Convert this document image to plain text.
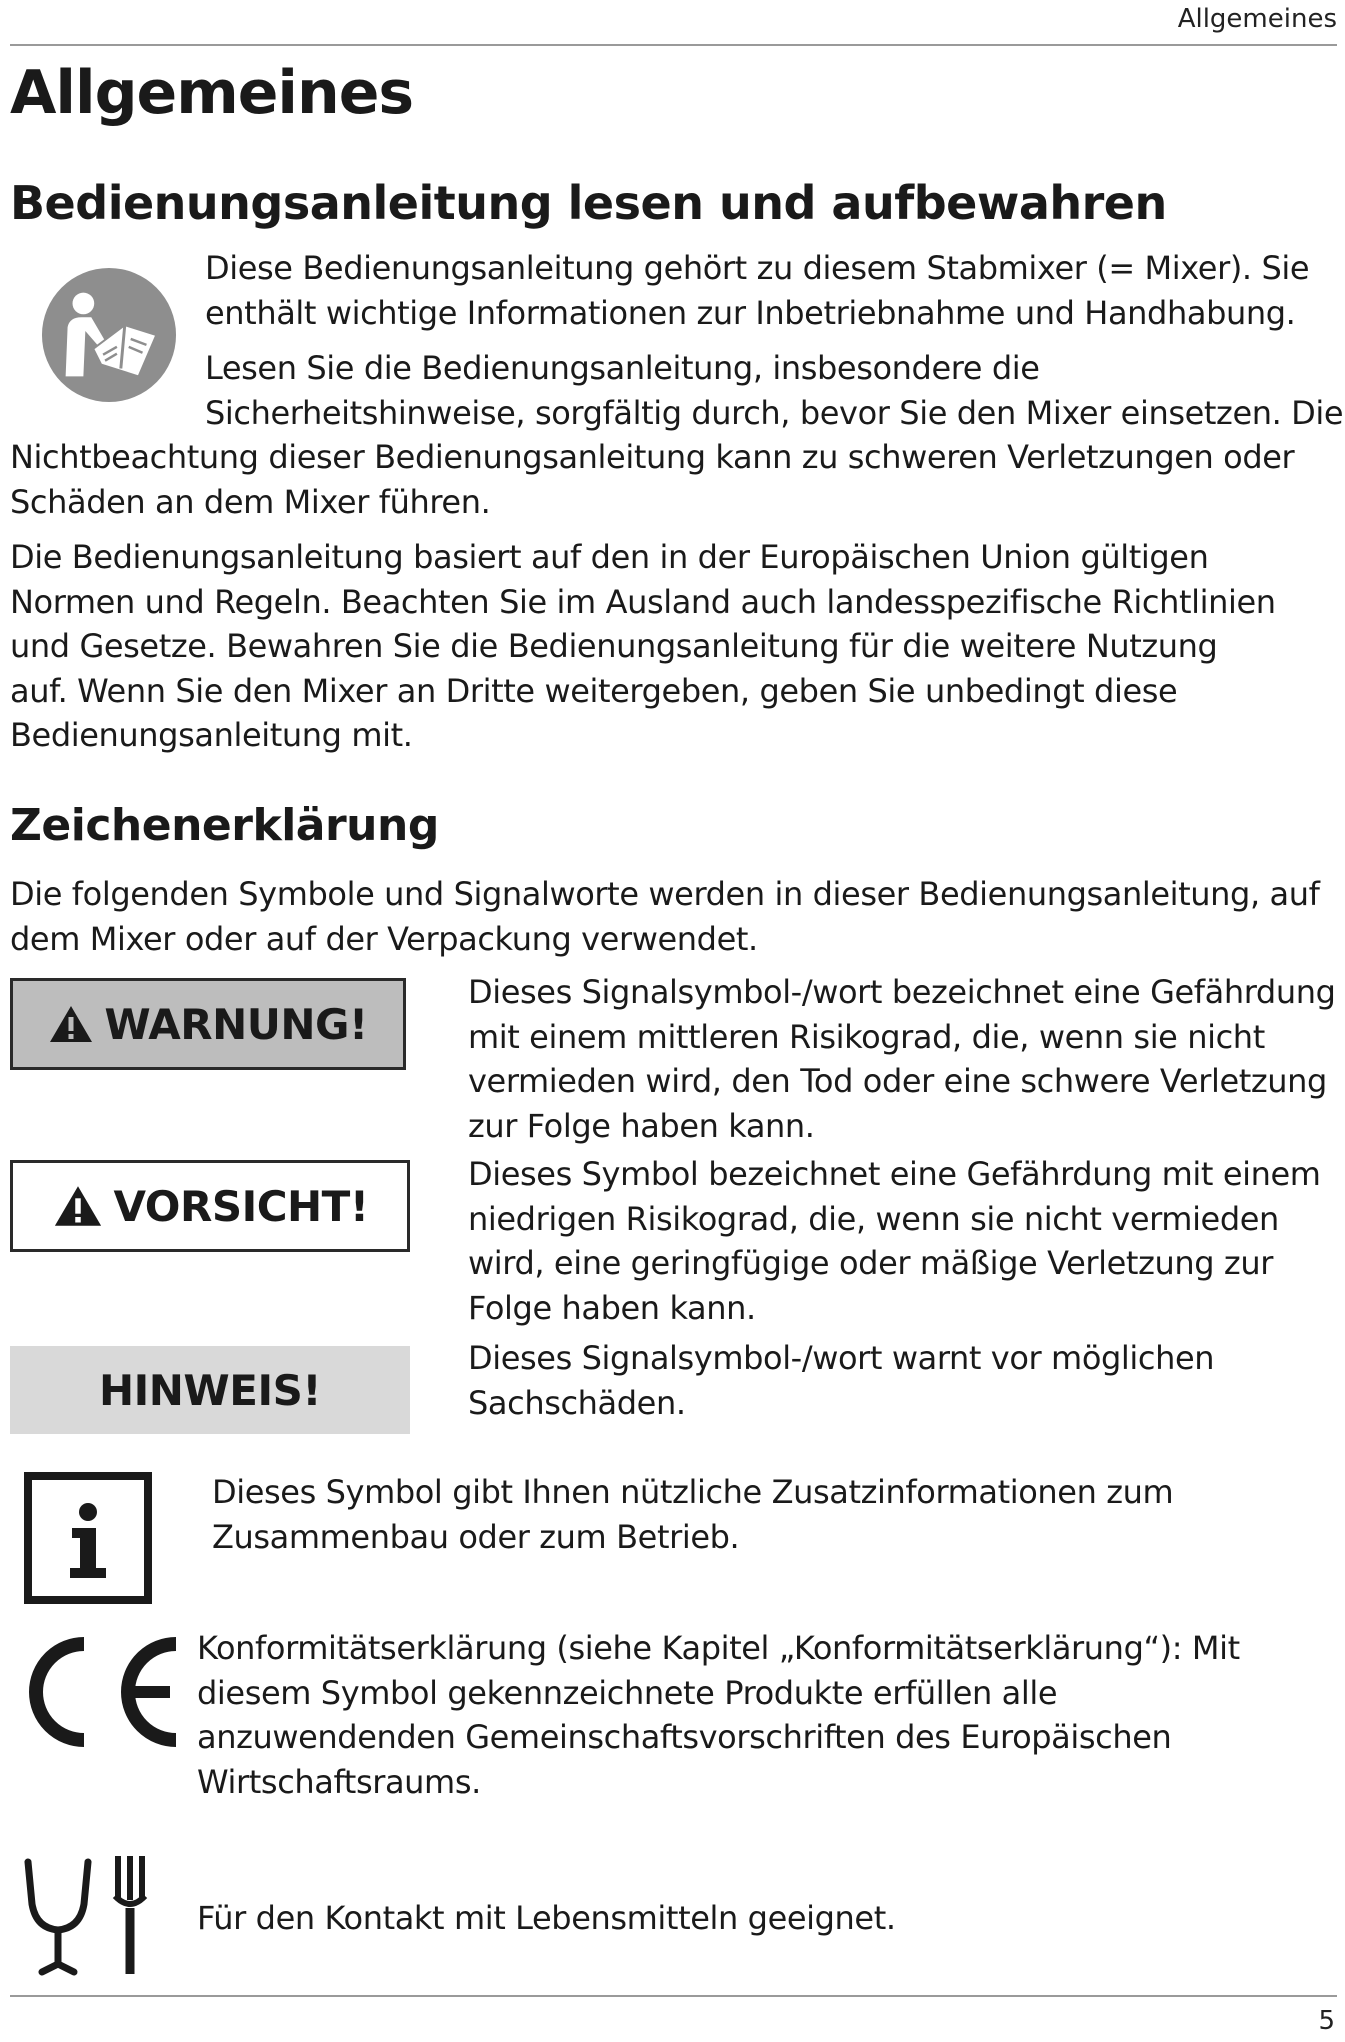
Allgemeines
Allgemeines
Bedienungsanleitung lesen und aufbewahren

Diese Bedienungsanleitung gehört zu diesem Stabmixer (= Mixer). Sie
enthält wichtige Informationen zur Inbetriebnahme und Handhabung.

Lesen Sie die Bedienungsanleitung, insbesondere die
Sicherheitshinweise, sorgfältig durch, bevor Sie den Mixer einsetzen. Die

Nichtbeachtung dieser Bedienungsanleitung kann zu schweren Verletzungen oder
Schäden an dem Mixer führen.

Die Bedienungsanleitung basiert auf den in der Europäischen Union gültigen
Normen und Regeln. Beachten Sie im Ausland auch landesspezifische Richtlinien
und Gesetze. Bewahren Sie die Bedienungsanleitung für die weitere Nutzung
auf. Wenn Sie den Mixer an Dritte weitergeben, geben Sie unbedingt diese
Bedienungsanleitung mit.

Zeichenerklärung

Die folgenden Symbole und Signalworte werden in dieser Bedienungsanleitung, auf
dem Mixer oder auf der Verpackung verwendet.

WARNUNG!

Dieses Signalsymbol-/wort bezeichnet eine Gefährdung
mit einem mittleren Risikograd, die, wenn sie nicht
vermieden wird, den Tod oder eine schwere Verletzung
zur Folge haben kann.

VORSICHT!

Dieses Symbol bezeichnet eine Gefährdung mit einem
niedrigen Risikograd, die, wenn sie nicht vermieden
wird, eine geringfügige oder mäßige Verletzung zur
Folge haben kann.

HINWEIS!

Dieses Signalsymbol-/wort warnt vor möglichen
Sachschäden.

Dieses Symbol gibt Ihnen nützliche Zusatzinformationen zum
Zusammenbau oder zum Betrieb.

Konformitätserklärung (siehe Kapitel „Konformitätserklärung“): Mit
diesem Symbol gekennzeichnete Produkte erfüllen alle
anzuwendenden Gemeinschaftsvorschriften des Europäischen
Wirtschaftsraums.

Für den Kontakt mit Lebensmitteln geeignet.

5
